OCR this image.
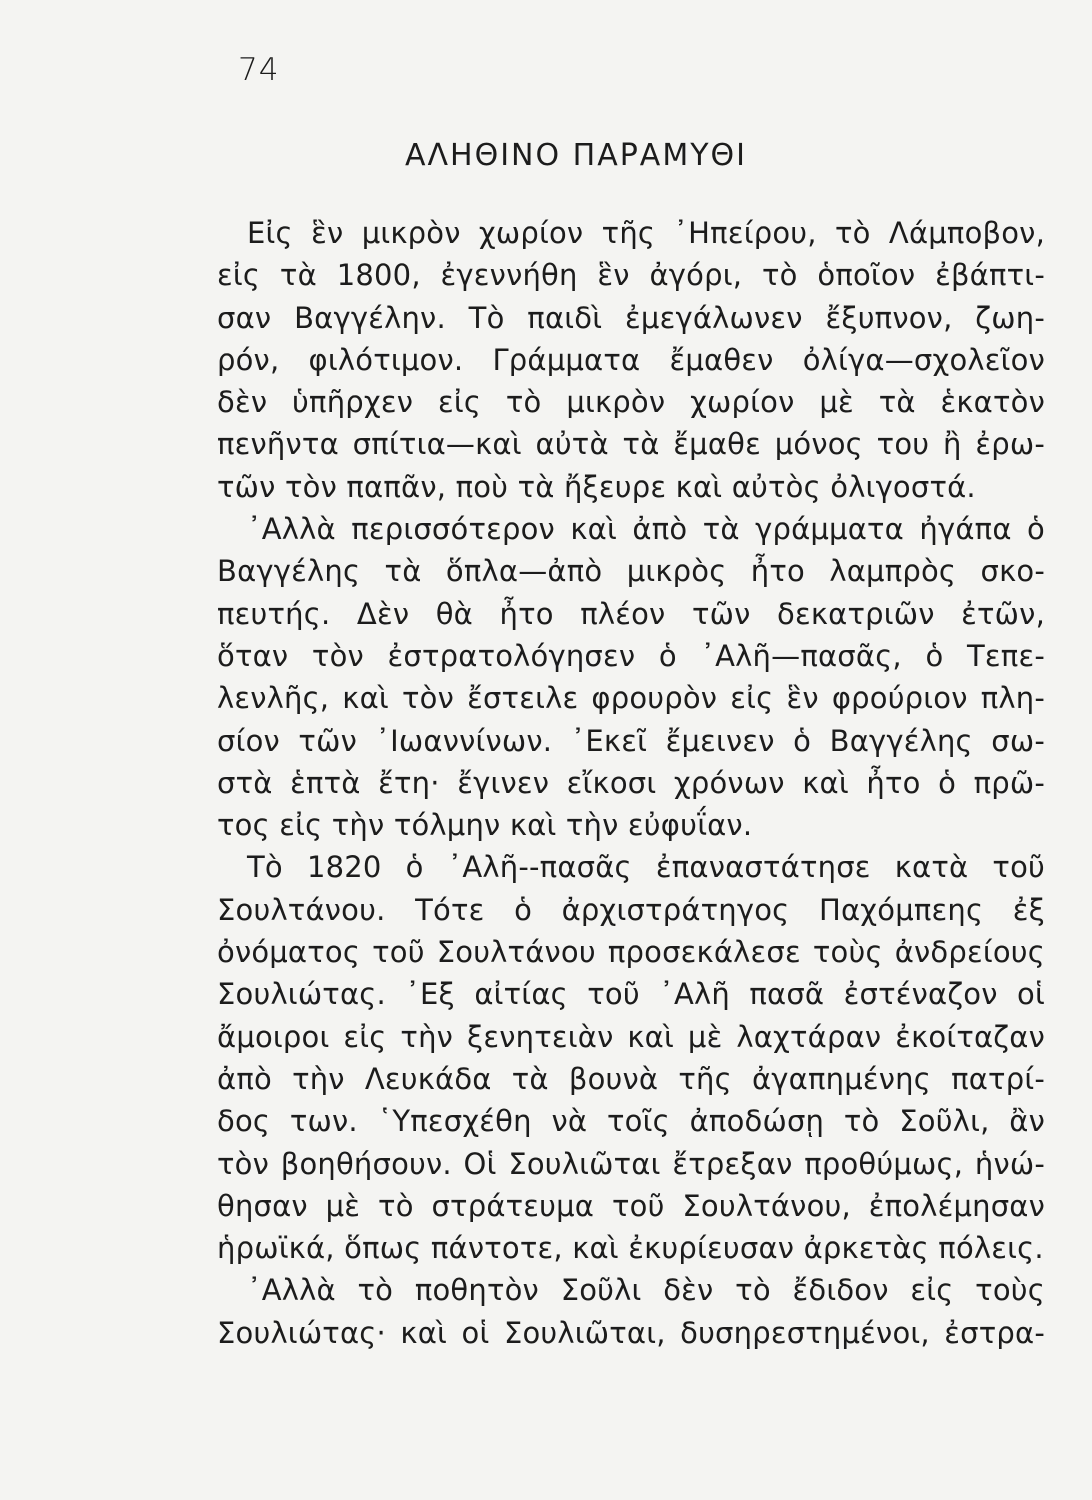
74
ΑΛΗΘΙΝΟ ΠΑΡΑΜΥΘΙ
Εἰς ἓν μικρὸν χωρίον τῆς ᾿Ηπείρου, τὸ Λάμποβον,
εἰς τὰ 1800, ἐγεννήθη ἓν ἀγόρι, τὸ ὁποῖον ἐβάπτι-
σαν Βαγγέλην. Τὸ παιδὶ ἐμεγάλωνεν ἔξυπνον, ζωη-
ρόν, φιλότιμον. Γράμματα ἔμαθεν ὀλίγα—σχολεῖον
δὲν ὑπῆρχεν εἰς τὸ μικρὸν χωρίον μὲ τὰ ἑκατὸν
πενῆντα σπίτια—καὶ αὐτὰ τὰ ἔμαθε μόνος του ἢ ἐρω-
τῶν τὸν παπᾶν, ποὺ τὰ ἤξευρε καὶ αὐτὸς ὀλιγοστά.
᾿Αλλὰ περισσότερον καὶ ἀπὸ τὰ γράμματα ἠγάπα ὁ
Βαγγέλης τὰ ὅπλα—ἀπὸ μικρὸς ἦτο λαμπρὸς σκο-
πευτής. Δὲν θὰ ἦτο πλέον τῶν δεκατριῶν ἐτῶν,
ὅταν τὸν ἐστρατολόγησεν ὁ ᾿Αλῆ—πασᾶς, ὁ Τεπε-
λενλῆς, καὶ τὸν ἔστειλε φρουρὸν εἰς ἓν φρούριον πλη-
σίον τῶν ᾿Ιωαννίνων. ᾿Εκεῖ ἔμεινεν ὁ Βαγγέλης σω-
στὰ ἑπτὰ ἔτη· ἔγινεν εἴκοσι χρόνων καὶ ἦτο ὁ πρῶ-
τος εἰς τὴν τόλμην καὶ τὴν εὐφυΐαν.
Τὸ 1820 ὁ ᾿Αλῆ--πασᾶς ἐπαναστάτησε κατὰ τοῦ
Σουλτάνου. Τότε ὁ ἀρχιστράτηγος Παχόμπεης ἐξ
ὀνόματος τοῦ Σουλτάνου προσεκάλεσε τοὺς ἀνδρείους
Σουλιώτας. ᾿Εξ αἰτίας τοῦ ᾿Αλῆ πασᾶ ἐστέναζον οἱ
ἄμοιροι εἰς τὴν ξενητειὰν καὶ μὲ λαχτάραν ἐκοίταζαν
ἀπὸ τὴν Λευκάδα τὰ βουνὰ τῆς ἀγαπημένης πατρί-
δος των. ῾Υπεσχέθη νὰ τοῖς ἀποδώσῃ τὸ Σοῦλι, ἂν
τὸν βοηθήσουν. Οἱ Σουλιῶται ἔτρεξαν προθύμως, ἡνώ-
θησαν μὲ τὸ στράτευμα τοῦ Σουλτάνου, ἐπολέμησαν
ἡρωϊκά, ὅπως πάντοτε, καὶ ἐκυρίευσαν ἀρκετὰς πόλεις.
᾿Αλλὰ τὸ ποθητὸν Σοῦλι δὲν τὸ ἔδιδον εἰς τοὺς
Σουλιώτας· καὶ οἱ Σουλιῶται, δυσηρεστημένοι, ἐστρα-
